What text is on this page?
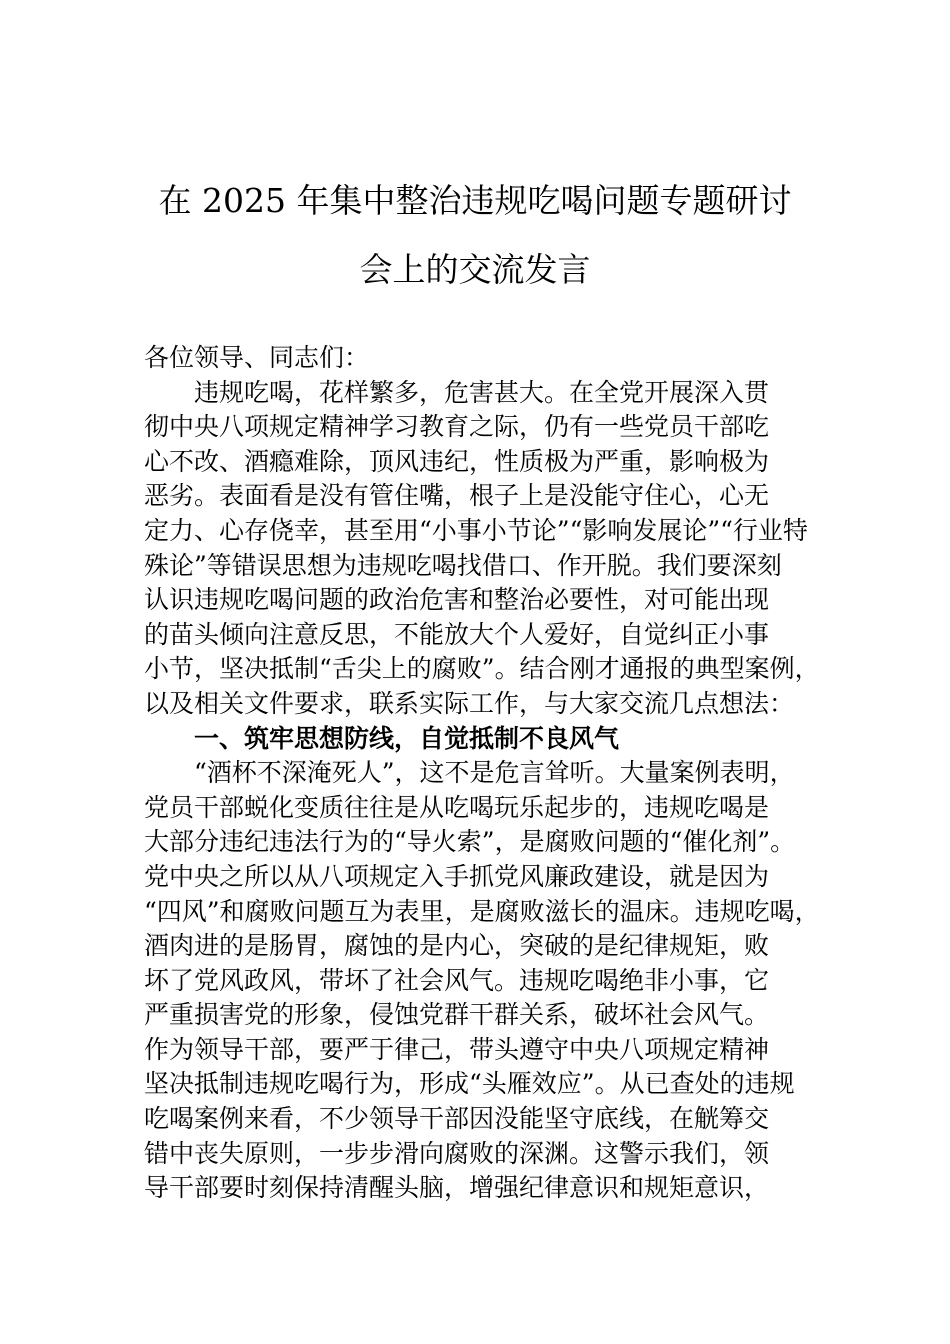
在 2025 年集中整治违规吃喝问题专题研讨
会上的交流发言
各位领导、同志们：
违规吃喝，花样繁多，危害甚大。在全党开展深入贯
彻中央八项规定精神学习教育之际，仍有一些党员干部吃
心不改、酒瘾难除，顶风违纪，性质极为严重，影响极为
恶劣。表面看是没有管住嘴，根子上是没能守住心，心无
定力、心存侥幸，甚至用“小事小节论”“影响发展论”“行业特
殊论”等错误思想为违规吃喝找借口、作开脱。我们要深刻
认识违规吃喝问题的政治危害和整治必要性，对可能出现
的苗头倾向注意反思，不能放大个人爱好，自觉纠正小事
小节，坚决抵制“舌尖上的腐败”。结合刚才通报的典型案例，
以及相关文件要求，联系实际工作，与大家交流几点想法：
一、筑牢思想防线，自觉抵制不良风气
“酒杯不深淹死人”，这不是危言耸听。大量案例表明，
党员干部蜕化变质往往是从吃喝玩乐起步的，违规吃喝是
大部分违纪违法行为的“导火索”，是腐败问题的“催化剂”。
党中央之所以从八项规定入手抓党风廉政建设，就是因为
“四风”和腐败问题互为表里，是腐败滋长的温床。违规吃喝，
酒肉进的是肠胃，腐蚀的是内心，突破的是纪律规矩，败
坏了党风政风，带坏了社会风气。违规吃喝绝非小事，它
严重损害党的形象，侵蚀党群干群关系，破坏社会风气。
作为领导干部，要严于律己，带头遵守中央八项规定精神
坚决抵制违规吃喝行为，形成“头雁效应”。从已查处的违规
吃喝案例来看，不少领导干部因没能坚守底线，在觥筹交
错中丧失原则，一步步滑向腐败的深渊。这警示我们，领
导干部要时刻保持清醒头脑，增强纪律意识和规矩意识，
